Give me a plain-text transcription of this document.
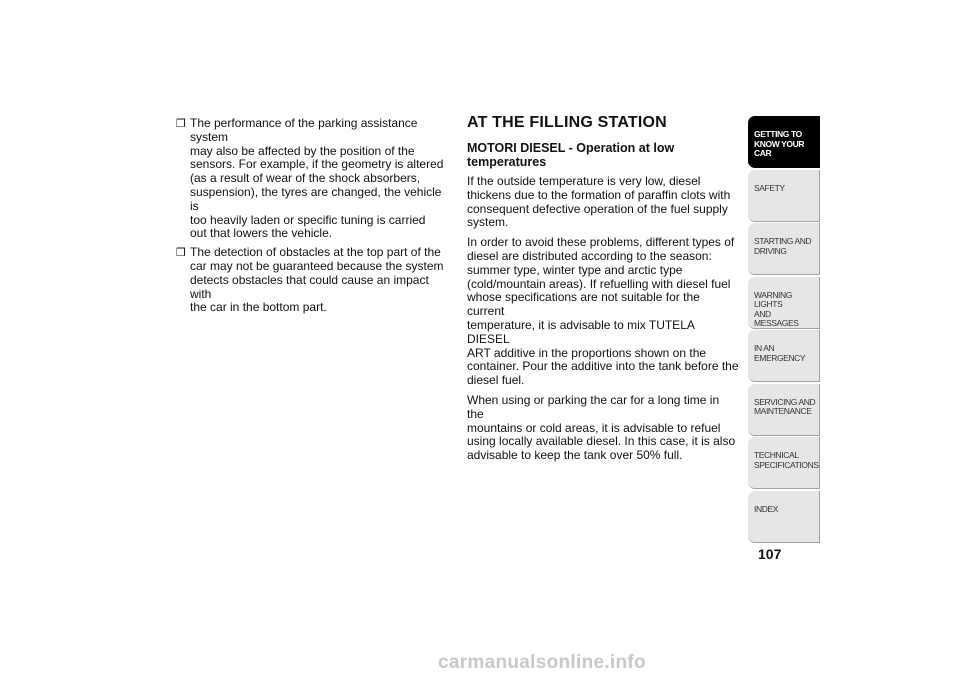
❒ The performance of the parking assistance system
may also be affected by the position of the
sensors. For example, if the geometry is altered
(as a result of wear of the shock absorbers,
suspension), the tyres are changed, the vehicle is
too heavily laden or specific tuning is carried
out that lowers the vehicle.
❒ The detection of obstacles at the top part of the
car may not be guaranteed because the system
detects obstacles that could cause an impact with
the car in the bottom part.
AT THE FILLING STATION
MOTORI DIESEL - Operation at low
temperatures
If the outside temperature is very low, diesel
thickens due to the formation of paraffin clots with
consequent defective operation of the fuel supply
system.
In order to avoid these problems, different types of
diesel are distributed according to the season:
summer type, winter type and arctic type
(cold/mountain areas). If refuelling with diesel fuel
whose specifications are not suitable for the current
temperature, it is advisable to mix TUTELA DIESEL
ART additive in the proportions shown on the
container. Pour the additive into the tank before the
diesel fuel.
When using or parking the car for a long time in the
mountains or cold areas, it is advisable to refuel
using locally available diesel. In this case, it is also
advisable to keep the tank over 50% full.
GETTING TO
KNOW YOUR CAR
SAFETY
STARTING AND
DRIVING
WARNING LIGHTS
AND MESSAGES
IN AN EMERGENCY
SERVICING AND
MAINTENANCE
TECHNICAL
SPECIFICATIONS
INDEX
107
carmanualsonline.info
